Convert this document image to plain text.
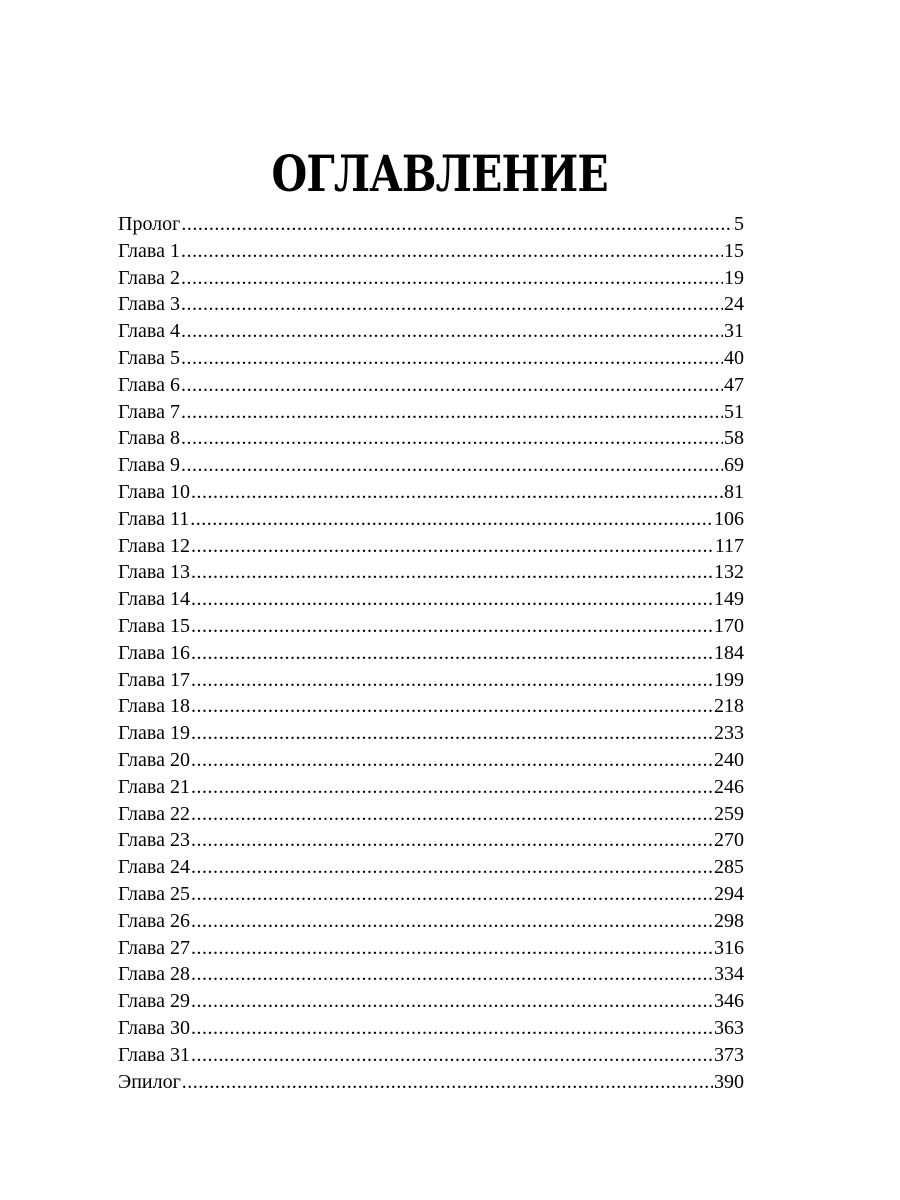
ОГЛАВЛЕНИЕ
Пролог .....	5
Глава 1 .....	15
Глава 2 .....	19
Глава 3 .....	24
Глава 4 .....	31
Глава 5 .....	40
Глава 6 .....	47
Глава 7 .....	51
Глава 8 .....	58
Глава 9 .....	69
Глава 10 .....	81
Глава 11 .....	106
Глава 12 .....	117
Глава 13 .....	132
Глава 14 .....	149
Глава 15 .....	170
Глава 16 .....	184
Глава 17 .....	199
Глава 18 .....	218
Глава 19 .....	233
Глава 20 .....	240
Глава 21 .....	246
Глава 22 .....	259
Глава 23 .....	270
Глава 24 .....	285
Глава 25 .....	294
Глава 26 .....	298
Глава 27 .....	316
Глава 28 .....	334
Глава 29 .....	346
Глава 30 .....	363
Глава 31 .....	373
Эпилог .....	390
